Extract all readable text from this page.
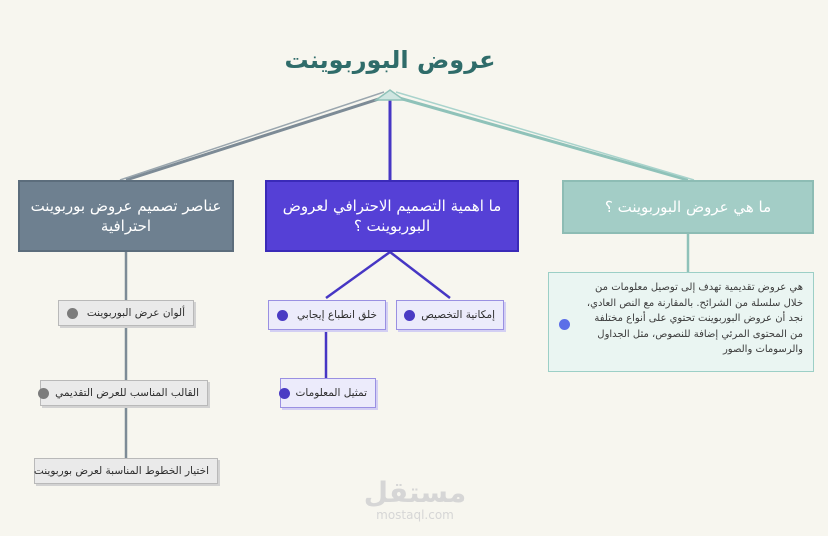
عروض البوربوينت
عناصر تصميم عروض بوربوينت احترافية
ما اهمية التصميم الاحترافي لعروض البوربوينت ؟
ما هي عروض البوربوينت ؟
هي عروض تقديمية تهدف إلى توصيل معلومات من خلال سلسلة من الشرائح. بالمقارنة مع النص العادي، نجد أن عروض البوربوينت تحتوي على أنواع مختلفة من المحتوى المرئي إضافة للنصوص، مثل الجداول والرسومات والصور
ألوان عرض البوربوينت
القالب المناسب للعرض التقديمي
اختيار الخطوط المناسبة لعرض بوربوينت
إمكانية التخصيص
خلق انطباع إيجابي
تمثيل المعلومات
مستقل
mostaql.com
